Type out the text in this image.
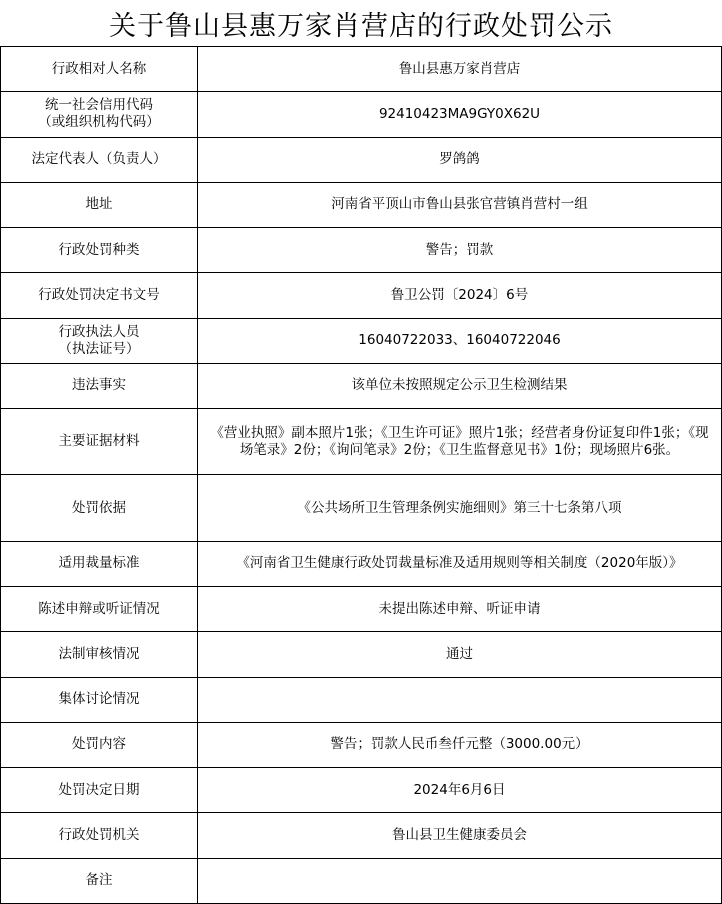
关于鲁山县惠万家肖营店的行政处罚公示
行政相对人名称	鲁山县惠万家肖营店
统一社会信用代码
（或组织机构代码）	92410423MA9GY0X62U
法定代表人（负责人）	罗鸽鸽
地址	河南省平顶山市鲁山县张官营镇肖营村一组
行政处罚种类	警告；罚款
行政处罚决定书文号	鲁卫公罚〔2024〕6号
行政执法人员
（执法证号）	16040722033、16040722046
违法事实	该单位未按照规定公示卫生检测结果
主要证据材料	《营业执照》副本照片1张；《卫生许可证》照片1张；经营者身份证复印件1张；《现场笔录》2份；《询问笔录》2份；《卫生监督意见书》1份；现场照片6张。
处罚依据	《公共场所卫生管理条例实施细则》第三十七条第八项
适用裁量标准	《河南省卫生健康行政处罚裁量标准及适用规则等相关制度（2020年版）》
陈述申辩或听证情况	未提出陈述申辩、听证申请
法制审核情况	通过
集体讨论情况	
处罚内容	警告；罚款人民币叁仟元整（3000.00元）
处罚决定日期	2024年6月6日
行政处罚机关	鲁山县卫生健康委员会
备注	
